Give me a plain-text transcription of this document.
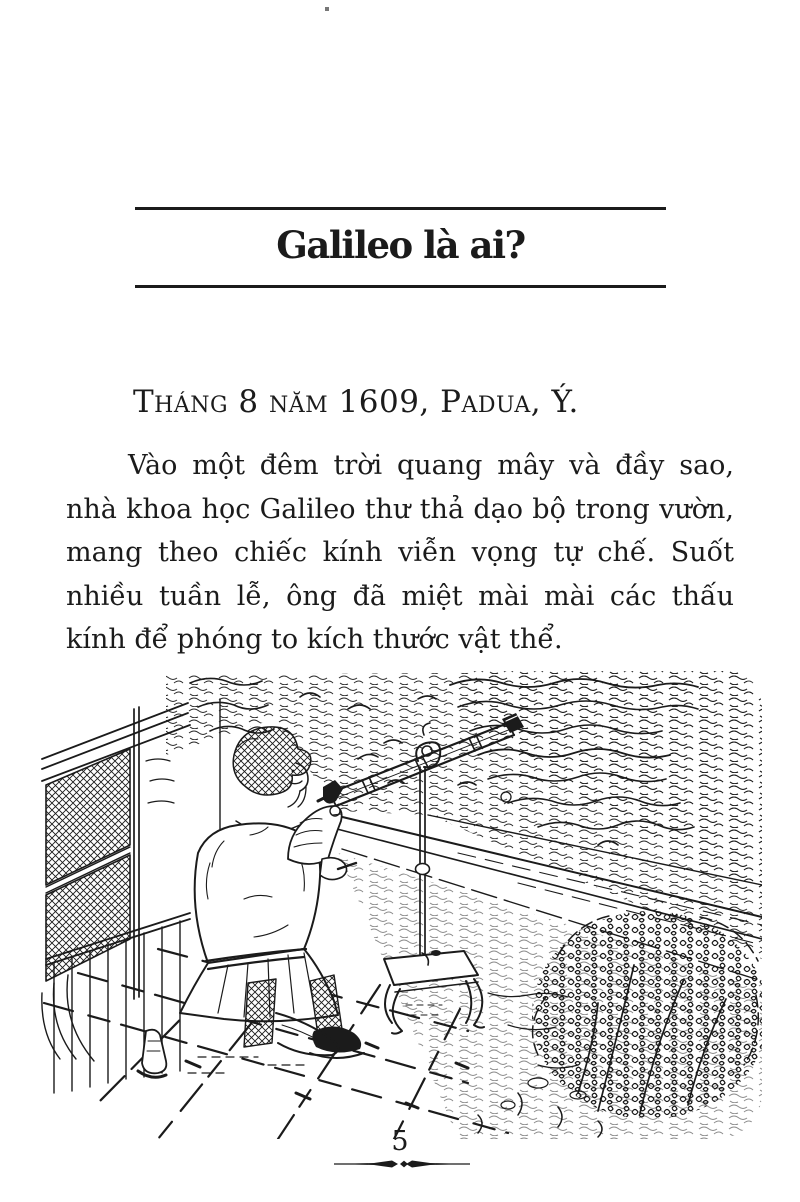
Galileo là ai?

Tháng 8 năm 1609, Padua, Ý.

Vào một đêm trời quang mây và đầy sao,
nhà khoa học Galileo thư thả dạo bộ trong vườn,
mang theo chiếc kính viễn vọng tự chế. Suốt
nhiều tuần lễ, ông đã miệt mài mài các thấu
kính để phóng to kích thước vật thể.
5
